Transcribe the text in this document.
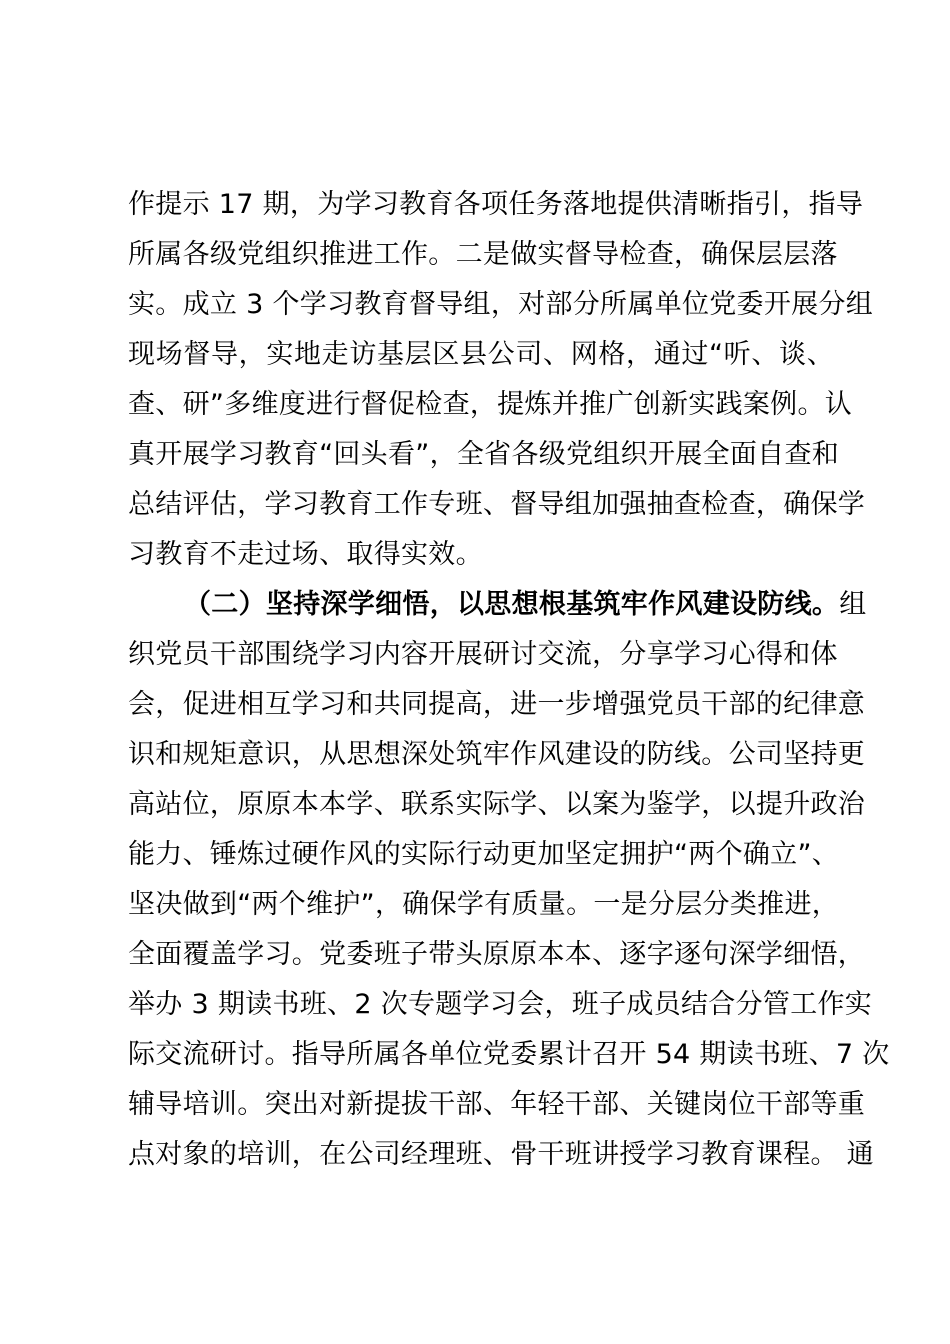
作提示 17 期，为学习教育各项任务落地提供清晰指引，指导
所属各级党组织推进工作。二是做实督导检查，确保层层落
实。成立 3 个学习教育督导组，对部分所属单位党委开展分组
现场督导，实地走访基层区县公司、网格，通过“听、谈、
查、研”多维度进行督促检查，提炼并推广创新实践案例。认
真开展学习教育“回头看”，全省各级党组织开展全面自查和
总结评估，学习教育工作专班、督导组加强抽查检查，确保学
习教育不走过场、取得实效。
（二）坚持深学细悟，以思想根基筑牢作风建设防线。组
织党员干部围绕学习内容开展研讨交流，分享学习心得和体
会，促进相互学习和共同提高，进一步增强党员干部的纪律意
识和规矩意识，从思想深处筑牢作风建设的防线。公司坚持更
高站位，原原本本学、联系实际学、以案为鉴学，以提升政治
能力、锤炼过硬作风的实际行动更加坚定拥护“两个确立”、
坚决做到“两个维护”，确保学有质量。一是分层分类推进，
全面覆盖学习。党委班子带头原原本本、逐字逐句深学细悟，
举办 3 期读书班、2 次专题学习会，班子成员结合分管工作实
际交流研讨。指导所属各单位党委累计召开 54 期读书班、7 次
辅导培训。突出对新提拔干部、年轻干部、关键岗位干部等重
点对象的培训，在公司经理班、骨干班讲授学习教育课程。 通
